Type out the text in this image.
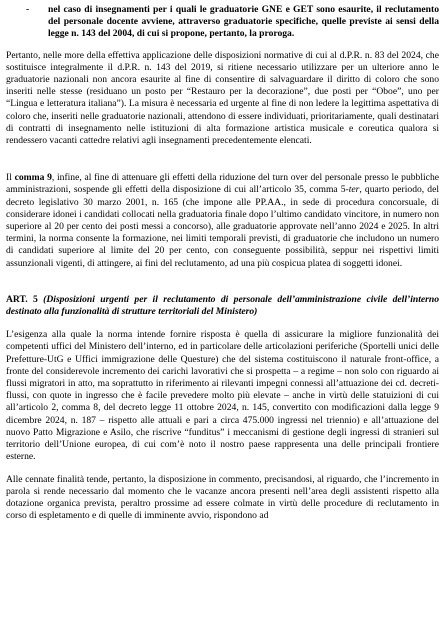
-	nel caso di insegnamenti per i quali le graduatorie GNE e GET sono esaurite, il reclutamento del personale docente avviene, attraverso graduatorie specifiche, quelle previste ai sensi della legge n. 143 del 2004, di cui si propone, pertanto, la proroga.

Pertanto, nelle more della effettiva applicazione delle disposizioni normative di cui al d.P.R. n. 83 del 2024, che sostituisce integralmente il d.P.R. n. 143 del 2019, si ritiene necessario utilizzare per un ulteriore anno le graduatorie nazionali non ancora esaurite al fine di consentire di salvaguardare il diritto di coloro che sono inseriti nelle stesse (residuano un posto per “Restauro per la decorazione”, due posti per “Oboe”, uno per “Lingua e letteratura italiana”). La misura è necessaria ed urgente al fine di non ledere la legittima aspettativa di coloro che, inseriti nelle graduatorie nazionali, attendono di essere individuati, prioritariamente, quali destinatari di contratti di insegnamento nelle istituzioni di alta formazione artistica musicale e coreutica qualora si rendessero vacanti cattedre relativi agli insegnamenti precedentemente elencati.

Il comma 9, infine, al fine di attenuare gli effetti della riduzione del turn over del personale presso le pubbliche amministrazioni, sospende gli effetti della disposizione di cui all’articolo 35, comma 5-ter, quarto periodo, del decreto legislativo 30 marzo 2001, n. 165 (che impone alle PP.AA., in sede di procedura concorsuale, di considerare idonei i candidati collocati nella graduatoria finale dopo l’ultimo candidato vincitore, in numero non superiore al 20 per cento dei posti messi a concorso), alle graduatorie approvate nell’anno 2024 e 2025. In altri termini, la norma consente la formazione, nei limiti temporali previsti, di graduatorie che includono un numero di candidati superiore al limite del 20 per cento, con conseguente possibilità, seppur nei rispettivi limiti assunzionali vigenti, di attingere, ai fini del reclutamento, ad una più cospicua platea di soggetti idonei.

ART. 5 (Disposizioni urgenti per il reclutamento di personale dell’amministrazione civile dell’interno destinato alla funzionalità di strutture territoriali del Ministero)

L’esigenza alla quale la norma intende fornire risposta è quella di assicurare la migliore funzionalità dei competenti uffici del Ministero dell’interno, ed in particolare delle articolazioni periferiche (Sportelli unici delle Prefetture-UtG e Uffici immigrazione delle Questure) che del sistema costituiscono il naturale front-office, a fronte del considerevole incremento dei carichi lavorativi che si prospetta – a regime – non solo con riguardo ai flussi migratori in atto, ma soprattutto in riferimento ai rilevanti impegni connessi all’attuazione dei cd. decreti-flussi, con quote in ingresso che è facile prevedere molto più elevate – anche in virtù delle statuizioni di cui all’articolo 2, comma 8, del decreto legge 11 ottobre 2024, n. 145, convertito con modificazioni dalla legge 9 dicembre 2024, n. 187 – rispetto alle attuali e pari a circa 475.000 ingressi nel triennio) e all’attuazione del nuovo Patto Migrazione e Asilo, che riscrive “funditus” i meccanismi di gestione degli ingressi di stranieri sul territorio dell’Unione europea, di cui com’è noto il nostro paese rappresenta una delle principali frontiere esterne.

Alle cennate finalità tende, pertanto, la disposizione in commento, precisandosi, al riguardo, che l’incremento in parola si rende necessario dal momento che le vacanze ancora presenti nell’area degli assistenti rispetto alla dotazione organica prevista, peraltro prossime ad essere colmate in virtù delle procedure di reclutamento in corso di espletamento e di quelle di imminente avvio, rispondono ad
